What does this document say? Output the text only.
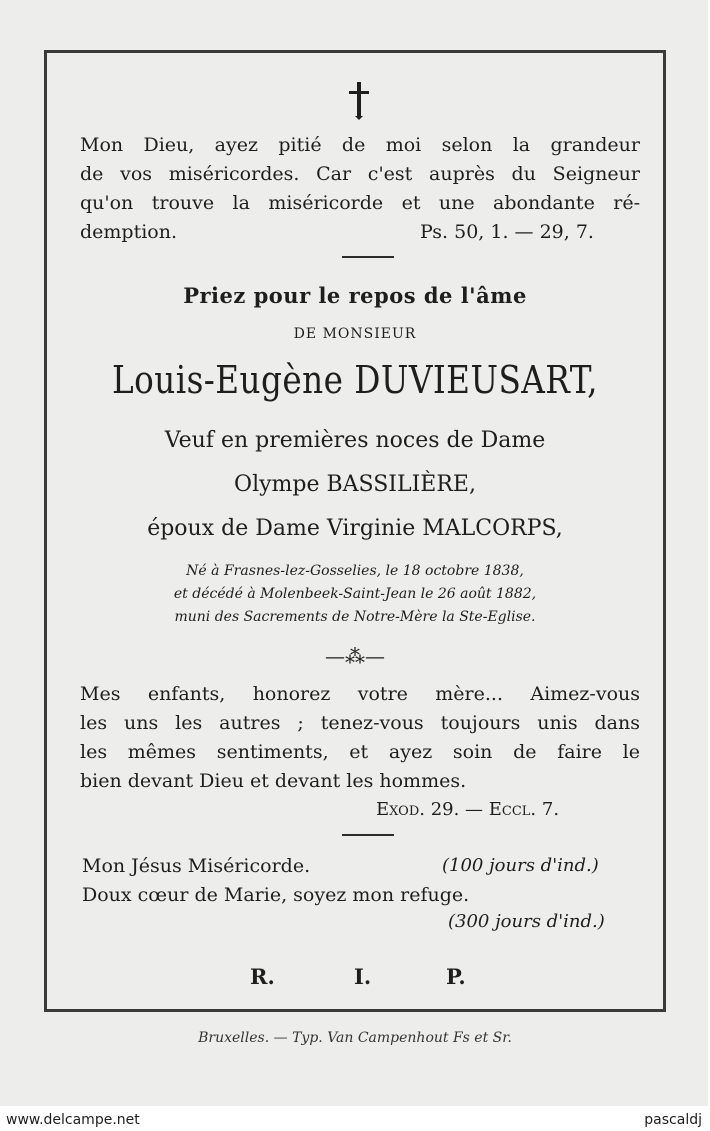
Mon Dieu, ayez pitié de moi selon la grandeur

de vos miséricordes. Car c'est auprès du Seigneur

qu'on trouve la miséricorde et une abondante ré-

demption.	Ps. 50, 1. — 29, 7.

Priez pour le repos de l'âme
DE MONSIEUR
Louis-Eugène DUVIEUSART,
Veuf en premières noces de Dame
Olympe BASSILIÈRE,
époux de Dame Virginie MALCORPS,
Né à Frasnes-lez-Gosselies, le 18 octobre 1838,
et décédé à Molenbeek-Saint-Jean le 26 août 1882,
muni des Sacrements de Notre-Mère la Ste-Eglise.
—⁂—

Mes enfants, honorez votre mère... Aimez-vous

les uns les autres ; tenez-vous toujours unis dans

les mêmes sentiments, et ayez soin de faire le

bien devant Dieu et devant les hommes.

Exod. 29. — Eccl. 7.

Mon Jésus Miséricorde.	(100 jours d'ind.)
Doux cœur de Marie, soyez mon refuge.
(300 jours d'ind.)
R.	I.	P.
Bruxelles. — Typ. Van Campenhout Fs et Sr.
www.delcampe.net	pascaldj
